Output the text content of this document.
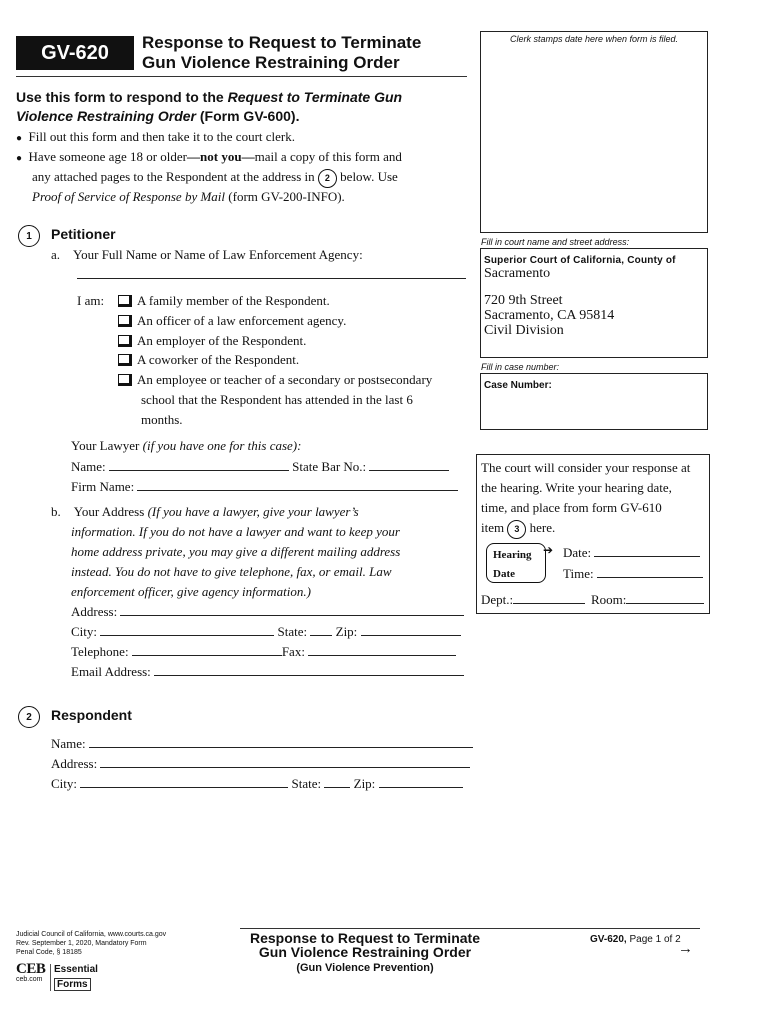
GV-620 Response to Request to Terminate
Gun Violence Restraining Order
Clerk stamps date here when form is filed.
Use this form to respond to the Request to Terminate Gun
Violence Restraining Order (Form GV-600).
● Fill out this form and then take it to the court clerk.
● Have someone age 18 or older—not you—mail a copy of this form and
any attached pages to the Respondent at the address in 2 below. Use
Proof of Service of Response by Mail (form GV-200-INFO).
Fill in court name and street address:
Superior Court of California, County of
Sacramento
720 9th Street
Sacramento, CA 95814
Civil Division
Fill in case number:
Case Number:
The court will consider your response at
the hearing. Write your hearing date,
time, and place from form GV-610
item 3 here.
Hearing
Date
➔ Date:
Time:
Dept.:	Room:
1	Petitioner
a. Your Full Name or Name of Law Enforcement Agency:
I am:	A family member of the Respondent.
An officer of a law enforcement agency.
An employer of the Respondent.
A coworker of the Respondent.
An employee or teacher of a secondary or postsecondary
school that the Respondent has attended in the last 6
months.
Your Lawyer (if you have one for this case):
Name:	State Bar No.:
Firm Name:
b. Your Address (If you have a lawyer, give your lawyer’s
information. If you do not have a lawyer and want to keep your
home address private, you may give a different mailing address
instead. You do not have to give telephone, fax, or email. Law
enforcement officer, give agency information.)
Address:
City:	State: Zip:
Telephone:	Fax:
Email Address:
2	Respondent
Name:
Address:
City:	State:	Zip:
Judicial Council of California, www.courts.ca.gov
Rev. September 1, 2020, Mandatory Form
Penal Code, § 18185
CEB
ceb.com
Essential
Forms
Response to Request to Terminate
Gun Violence Restraining Order
(Gun Violence Prevention)
GV-620, Page 1 of 2
→
